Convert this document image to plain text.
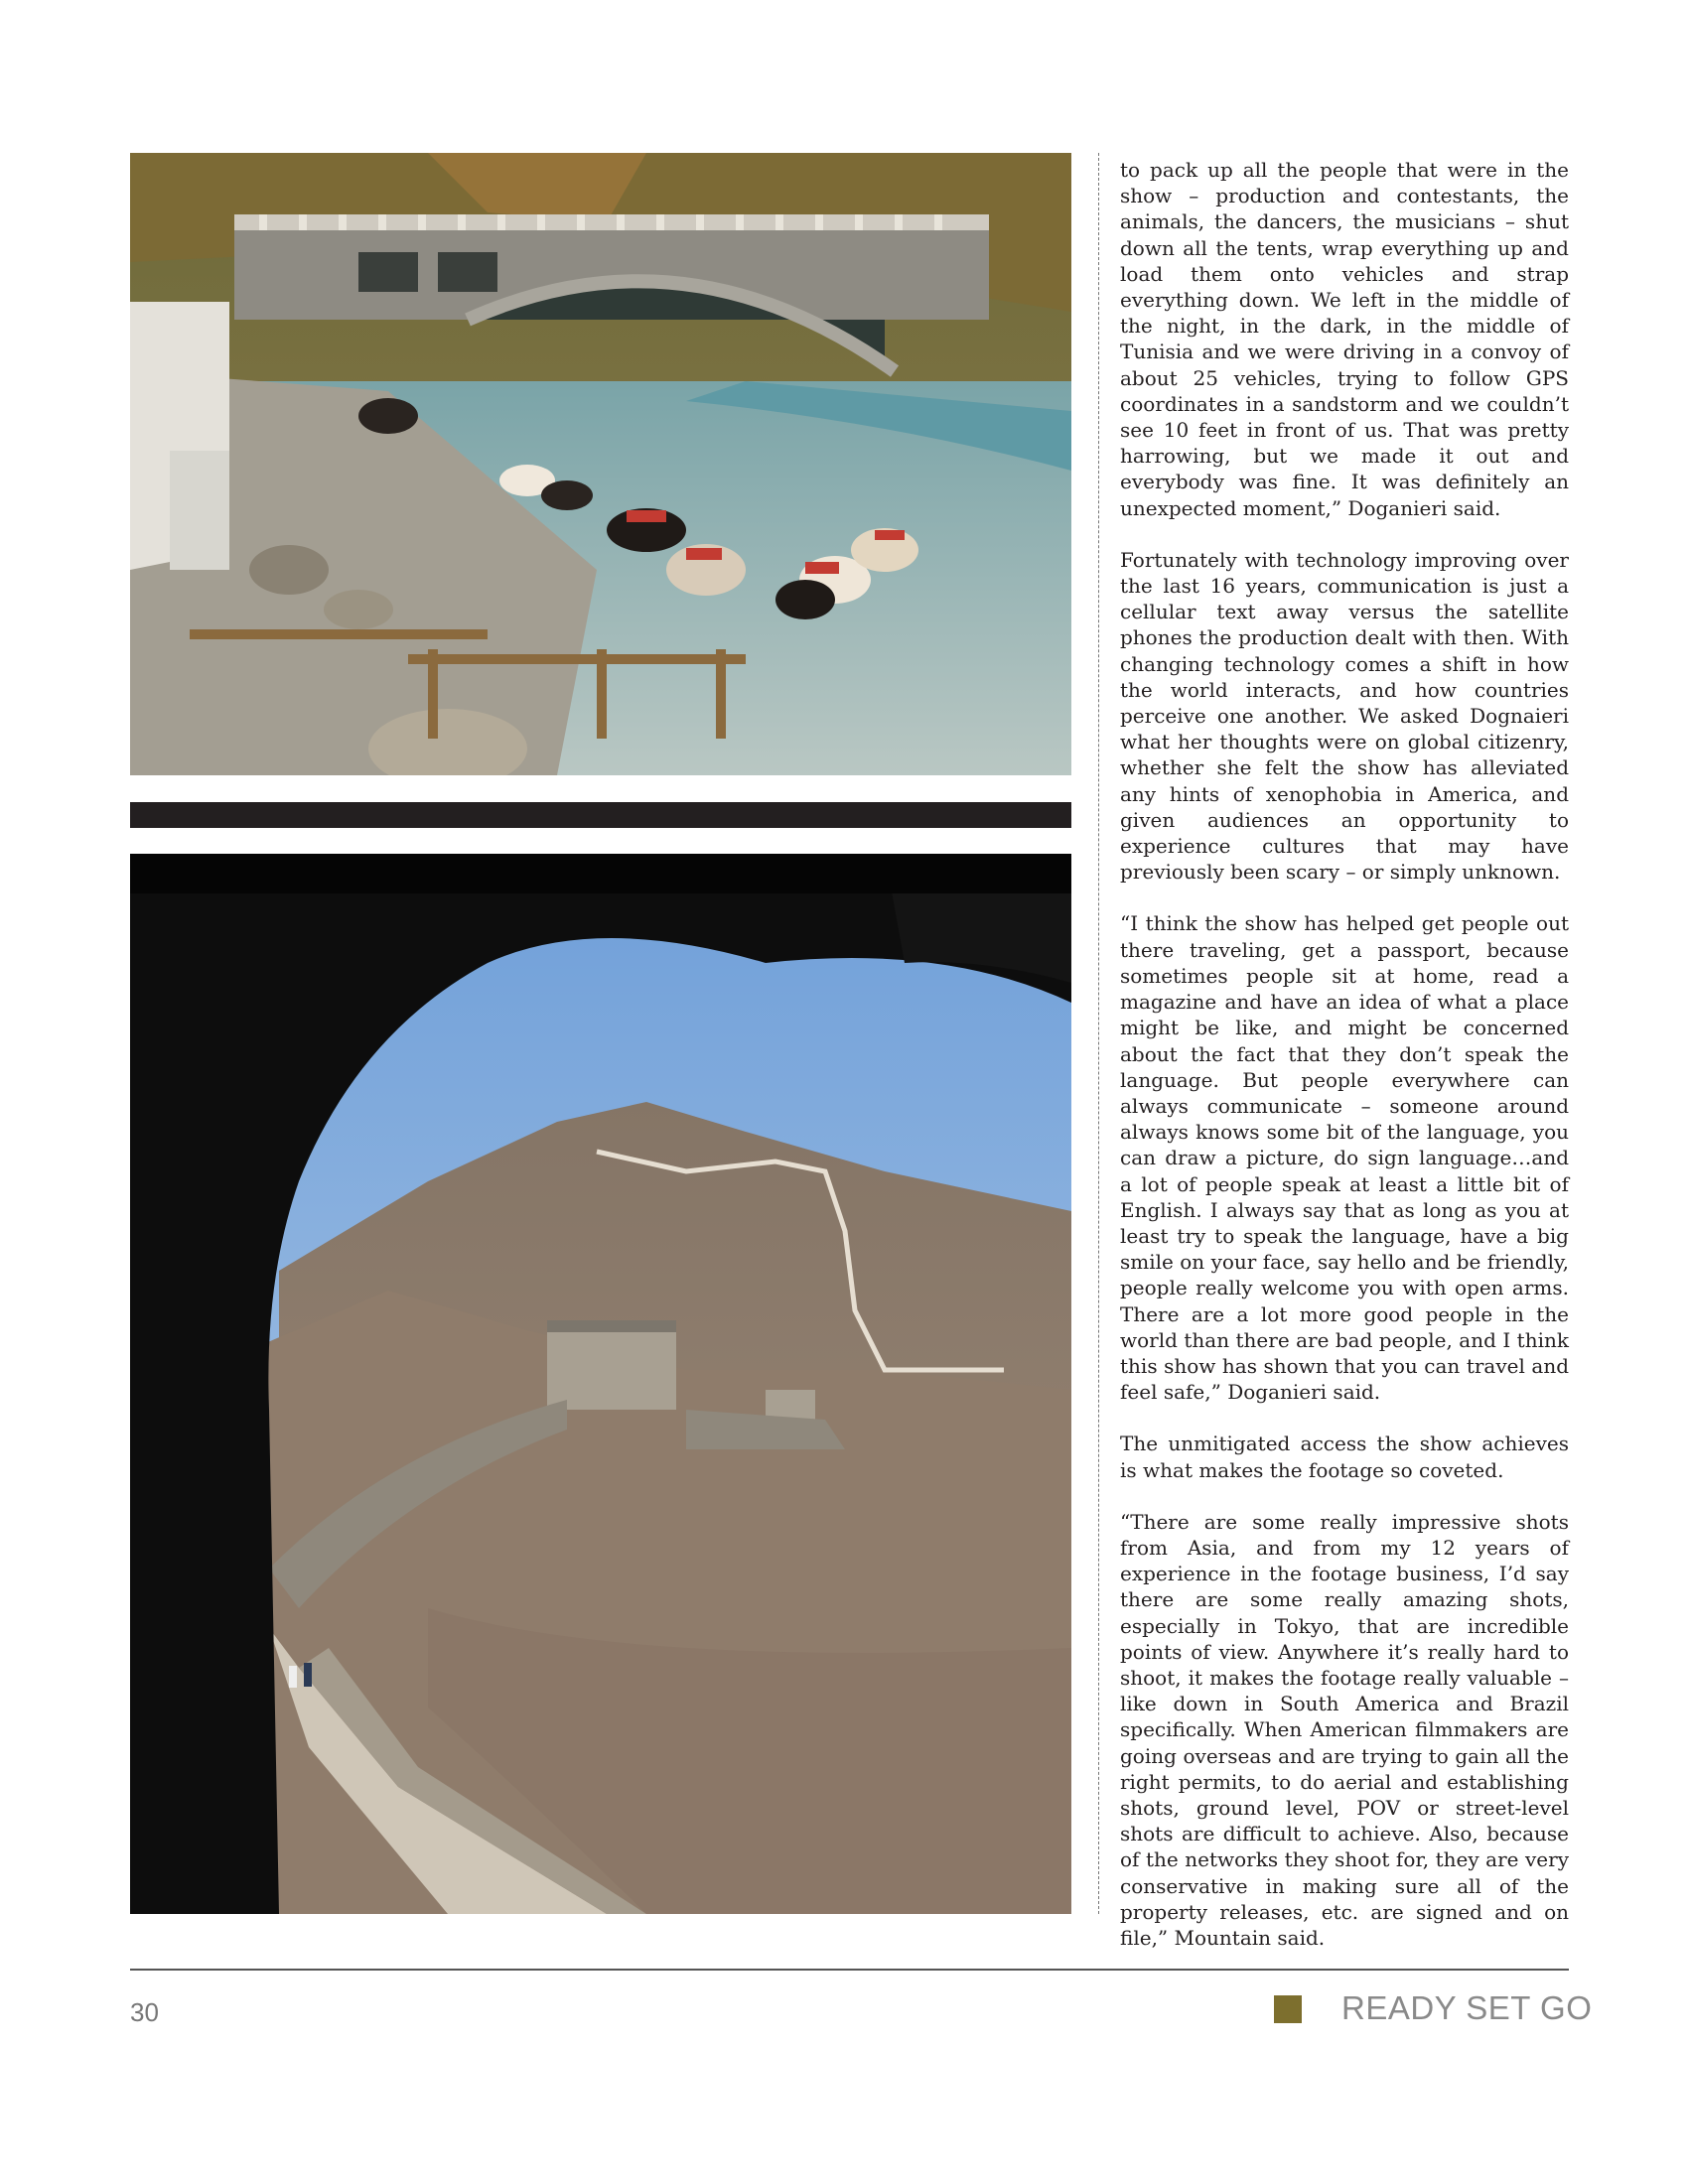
to pack up all the people that were in the show – production and contestants, the animals, the dancers, the musicians – shut down all the tents, wrap everything up and load them onto vehicles and strap everything down. We left in the middle of the night, in the dark, in the middle of Tunisia and we were driving in a convoy of about 25 vehicles, trying to follow GPS coordinates in a sandstorm and we couldn’t see 10 feet in front of us. That was pretty harrowing, but we made it out and everybody was fine. It was definitely an unexpected moment,” Doganieri said.

Fortunately with technology improving over the last 16 years, communication is just a cellular text away versus the satellite phones the production dealt with then. With changing technology comes a shift in how the world interacts, and how countries perceive one another. We asked Dognaieri what her thoughts were on global citizenry, whether she felt the show has alleviated any hints of xenophobia in America, and given audiences an opportunity to experience cultures that may have previously been scary – or simply unknown.

“I think the show has helped get people out there traveling, get a passport, because sometimes people sit at home, read a magazine and have an idea of what a place might be like, and might be concerned about the fact that they don’t speak the language. But people everywhere can always communicate – someone around always knows some bit of the language, you can draw a picture, do sign language…and a lot of people speak at least a little bit of English. I always say that as long as you at least try to speak the language, have a big smile on your face, say hello and be friendly, people really welcome you with open arms. There are a lot more good people in the world than there are bad people, and I think this show has shown that you can travel and feel safe,” Doganieri said.

The unmitigated access the show achieves is what makes the footage so coveted.

“There are some really impressive shots from Asia, and from my 12 years of experience in the footage business, I’d say there are some really amazing shots, especially in Tokyo, that are incredible points of view. Anywhere it’s really hard to shoot, it makes the footage really valuable – like down in South America and Brazil specifically. When American filmmakers are going overseas and are trying to gain all the right permits, to do aerial and establishing shots, ground level, POV or street-level shots are difficult to achieve. Also, because of the networks they shoot for, they are very conservative in making sure all of the property releases, etc. are signed and on file,” Mountain said.

30	READY SET GO
